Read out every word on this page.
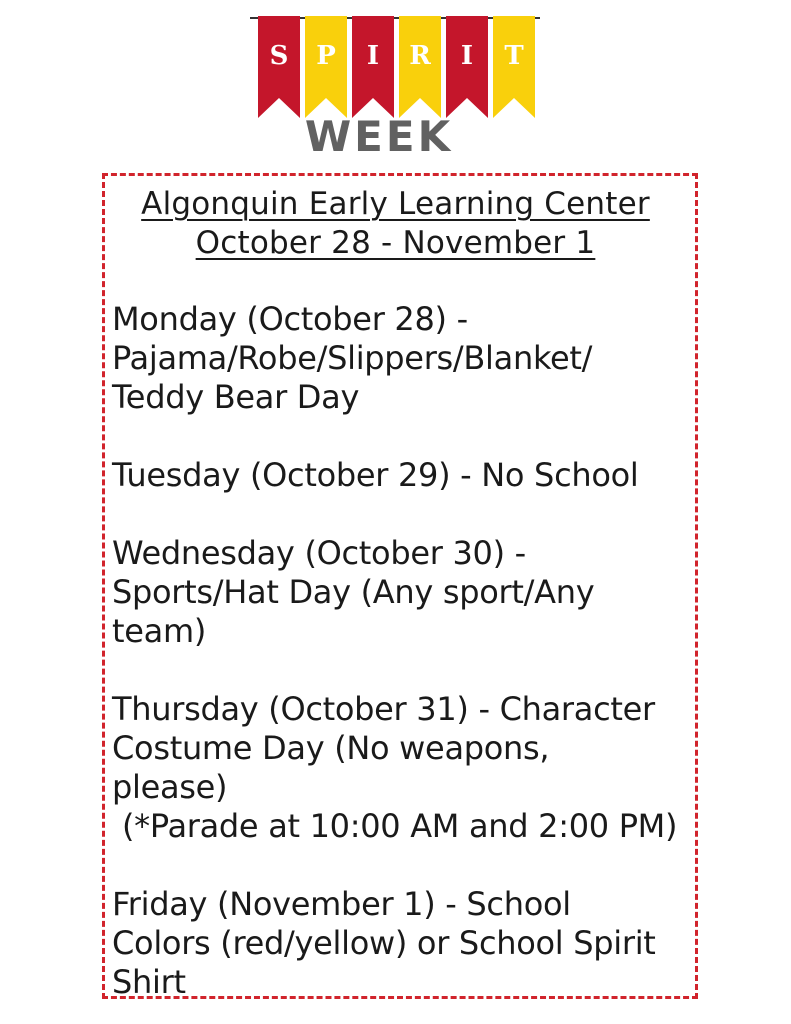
S P I R I T
WEEK
Algonquin Early Learning Center
October 28 - November 1
Monday (October 28) -
Pajama/Robe/Slippers/Blanket/
Teddy Bear Day
Tuesday (October 29) - No School
Wednesday (October 30) -
Sports/Hat Day (Any sport/Any
team)
Thursday (October 31) - Character
Costume Day (No weapons,
please)
(*Parade at 10:00 AM and 2:00 PM)
Friday (November 1) - School
Colors (red/yellow) or School Spirit
Shirt
